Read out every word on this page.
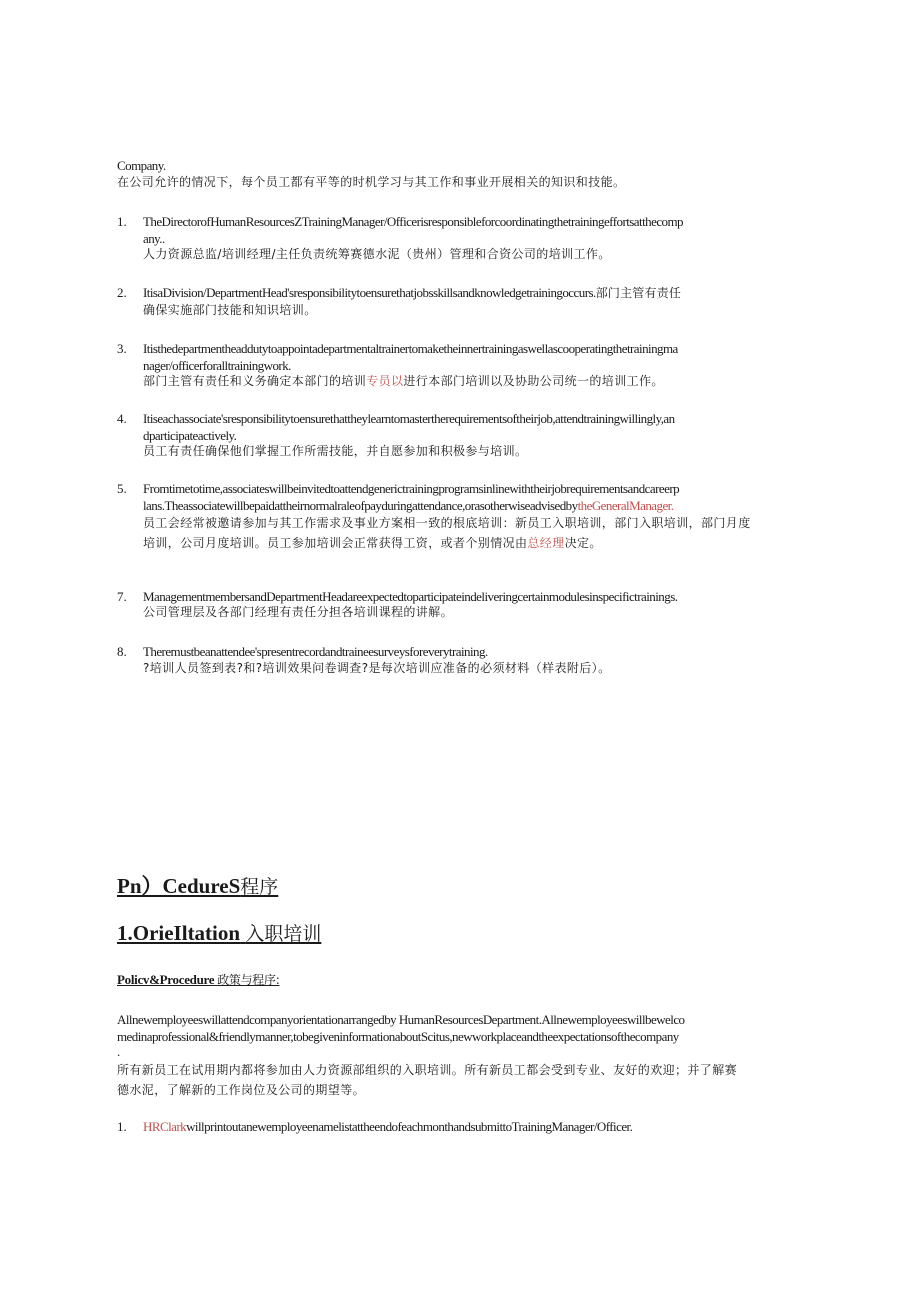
Company.
在公司允许的情况下，每个员工都有平等的时机学习与其工作和事业开展相关的知识和技能。
1. TheDirectorofHumanResourcesZTrainingManager/Officerisresponsibleforcoordinatingthetrainingeffortsatthecomp
any..
人力资源总监/培训经理/主任负责统筹赛德水泥（贵州）管理和合资公司的培训工作。
2. ItisaDivision/DepartmentHead'sresponsibilitytoensurethatjobsskillsandknowledgetrainingoccurs.部门主管有责任
确保实施部门技能和知识培训。
3. Itisthedepartmentheaddutytoappointadepartmentaltrainertomaketheinnertrainingaswellascooperatingthetrainingma
nager/officerforalltrainingwork.
部门主管有责任和义务确定本部门的培训专员以进行本部门培训以及协助公司统一的培训工作。
4. Itiseachassociate'sresponsibilitytoensurethattheylearntomastertherequirementsoftheirjob,attendtrainingwillingly,an
dparticipateactively.
员工有责任确保他们掌握工作所需技能，并自愿参加和积极参与培训。
5. Fromtimetotime,associateswillbeinvitedtoattendgenerictrainingprogramsinlinewiththeirjobrequirementsandcareerp
lans.Theassociatewillbepaidattheirnormalraleofpayduringattendance,orasotherwiseadvisedbytheGeneralManager.
员工会经常被邀请参加与其工作需求及事业方案相一致的根底培训：新员工入职培训，部门入职培训，部门月度
培训，公司月度培训。员工参加培训会正常获得工资，或者个别情况由总经理决定。
7. ManagementmembersandDepartmentHeadareexpectedtoparticipateindeliveringcertainmodulesinspecifictrainings.
公司管理层及各部门经理有责任分担各培训课程的讲解。
8. Theremustbeanattendee'spresentrecordandtraineesurveysforeverytraining.
?培训人员签到表?和?培训效果问卷调查?是每次培训应准备的必须材料（样表附后）。
Pn）CedureS程序
1.OrieIltation 入职培训
Policv&Procedure 政策与程序:
Allnewemployeeswillattendcompanyorientationarrangedby HumanResourcesDepartment.Allnewemployeeswillbewelco
medinaprofessional&friendlymanner,tobegiveninformationaboutScitus,newworkplaceandtheexpectationsofthecompany
.
所有新员工在试用期内都将参加由人力资源部组织的入职培训。所有新员工都会受到专业、友好的欢迎；并了解赛
德水泥，了解新的工作岗位及公司的期望等。
1. HRClarkwillprintoutanewemployeenamelistattheendofeachmonthandsubmittoTrainingManager/Officer.
